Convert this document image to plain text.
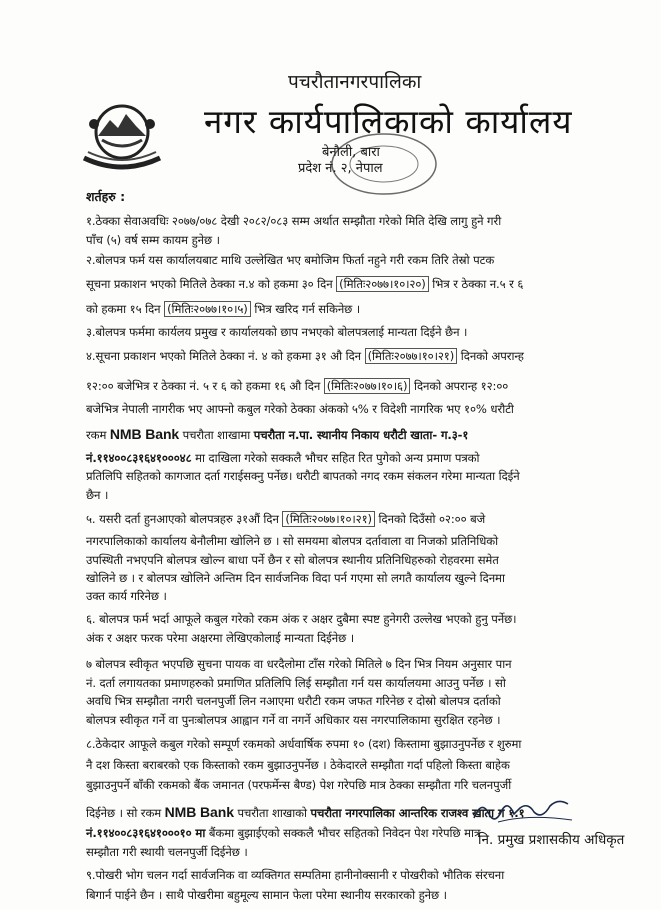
पचरौतानगरपालिका
नगर कार्यपालिकाको कार्यालय
बेनौली, बारा
प्रदेश नं. २, नेपाल
शर्तहरु :
१.ठेक्का सेवाअवधिः २०७७/०७८ देखी २०८२/०८३ सम्म अर्थात सम्झौता गरेको मिति देखि लागु हुने गरी
पाँच (५) वर्ष सम्म कायम हुनेछ ।
२.बोलपत्र फर्म यस कार्यालयबाट माथि उल्लेखित भए बमोजिम फिर्ता नहुने गरी रकम तिरि तेस्रो पटक
सूचना प्रकाशन भएको मितिले ठेक्का न.४ को हकमा ३० दिन (मितिः२०७७।१०।२०) भित्र र ठेक्का न.५ र ६
को हकमा १५ दिन (मितिः२०७७।१०।५) भित्र खरिद गर्न सकिनेछ ।
३.बोलपत्र फर्ममा कार्यलय प्रमुख र कार्यालयको छाप नभएको बोलपत्रलाई मान्यता दिईने छैन ।
४.सूचना प्रकाशन भएको मितिले ठेक्का नं. ४ को हकमा ३१ औ दिन (मितिः२०७७।१०।२१) दिनको अपरान्ह
१२:०० बजेभित्र र ठेक्का नं. ५ र ६ को हकमा १६ औ दिन (मितिः२०७७।१०।६) दिनको अपरान्ह १२:००
बजेभित्र नेपाली नागरीक भए आफ्नो कबुल गरेको ठेक्का अंकको ५% र विदेशी नागरिक भए १०% धरौटी
रकम NMB Bank पचरौता शाखामा पचरौता न.पा. स्थानीय निकाय धरौटी खाता- ग.३-१
नं.११४००८३१६४१०००४८ मा दाखिला गरेको सक्कलै भौचर सहित रित पुगेको अन्य प्रमाण पत्रको
प्रतिलिपि सहितको कागजात दर्ता गराईसक्नु पर्नेछ। धरौटी बापतको नगद रकम संकलन गरेमा मान्यता दिईने
छैन ।
५. यसरी दर्ता हुनआएको बोलपत्रहरु ३१औं दिन (मितिः२०७७।१०।२१) दिनको दिउँसो ०२:०० बजे
नगरपालिकाको कार्यालय बेनौलीमा खोलिने छ । सो समयमा बोलपत्र दर्तावाला वा निजको प्रतिनिधिको
उपस्थिती नभएपनि बोलपत्र खोल्न बाधा पर्ने छैन र सो बोलपत्र स्थानीय प्रतिनिधिहरुको रोहवरमा समेत
खोलिने छ । र बोलपत्र खोलिने अन्तिम दिन सार्वजनिक विदा पर्न गएमा सो लगतै कार्यालय खुल्ने दिनमा
उक्त कार्य गरिनेछ ।
६. बोलपत्र फर्म भर्दा आफूले कबुल गरेको रकम अंक र अक्षर दुबैमा स्पष्ट हुनेगरी उल्लेख भएको हुनु पर्नेछ।
अंक र अक्षर फरक परेमा अक्षरमा लेखिएकोलाई मान्यता दिईनेछ ।
७ बोलपत्र स्वीकृत भएपछि सुचना पायक वा धरदैलोमा टाँस गरेको मितिले ७ दिन भित्र नियम अनुसार पान
नं. दर्ता लगायतका प्रमाणहरुको प्रमाणित प्रतिलिपि लिई सम्झौता गर्न यस कार्यालयमा आउनु पर्नेछ । सो
अवधि भित्र सम्झौता नगरी चलनपुर्जी लिन नआएमा धरौटी रकम जफत गरिनेछ र दोस्रो बोलपत्र दर्ताको
बोलपत्र स्वीकृत गर्ने वा पुनःबोलपत्र आह्वान गर्ने वा नगर्ने अधिकार यस नगरपालिकामा सुरक्षित रहनेछ ।
८.ठेकेदार आफूले कबुल गरेको सम्पूर्ण रकमको अर्धवार्षिक रुपमा १० (दश) किस्तामा बुझाउनुपर्नेछ र शुरुमा
नै दश किस्ता बराबरको एक किस्ताको रकम बुझाउनुपर्नेछ । ठेकेदारले सम्झौता गर्दा पहिलो किस्ता बाहेक
बुझाउनुपर्ने बाँकी रकमको बैंक जमानत (परफर्मेन्स बैण्ड) पेश गरेपछि मात्र ठेक्का सम्झौता गरि चलनपुर्जी
दिईनेछ । सो रकम NMB Bank पचरौता शाखाको पचरौता नगरपालिका आन्तरिक राजश्व खाता ग १.१
नं.११४००८३१६४१०००१० मा बैंकमा बुझाईएको सक्कलै भौचर सहितको निवेदन पेश गरेपछि मात्र
सम्झौता गरी स्थायी चलनपुर्जी दिईनेछ ।
९.पोखरी भोग चलन गर्दा सार्वजनिक वा व्यक्तिगत सम्पतिमा हानीनोक्सानी र पोखरीको भौतिक संरचना
बिगार्न पाईने छैन । साथै पोखरीमा बहुमूल्य सामान फेला परेमा स्थानीय सरकारको हुनेछ ।
नि. प्रमुख प्रशासकीय अधिकृत
